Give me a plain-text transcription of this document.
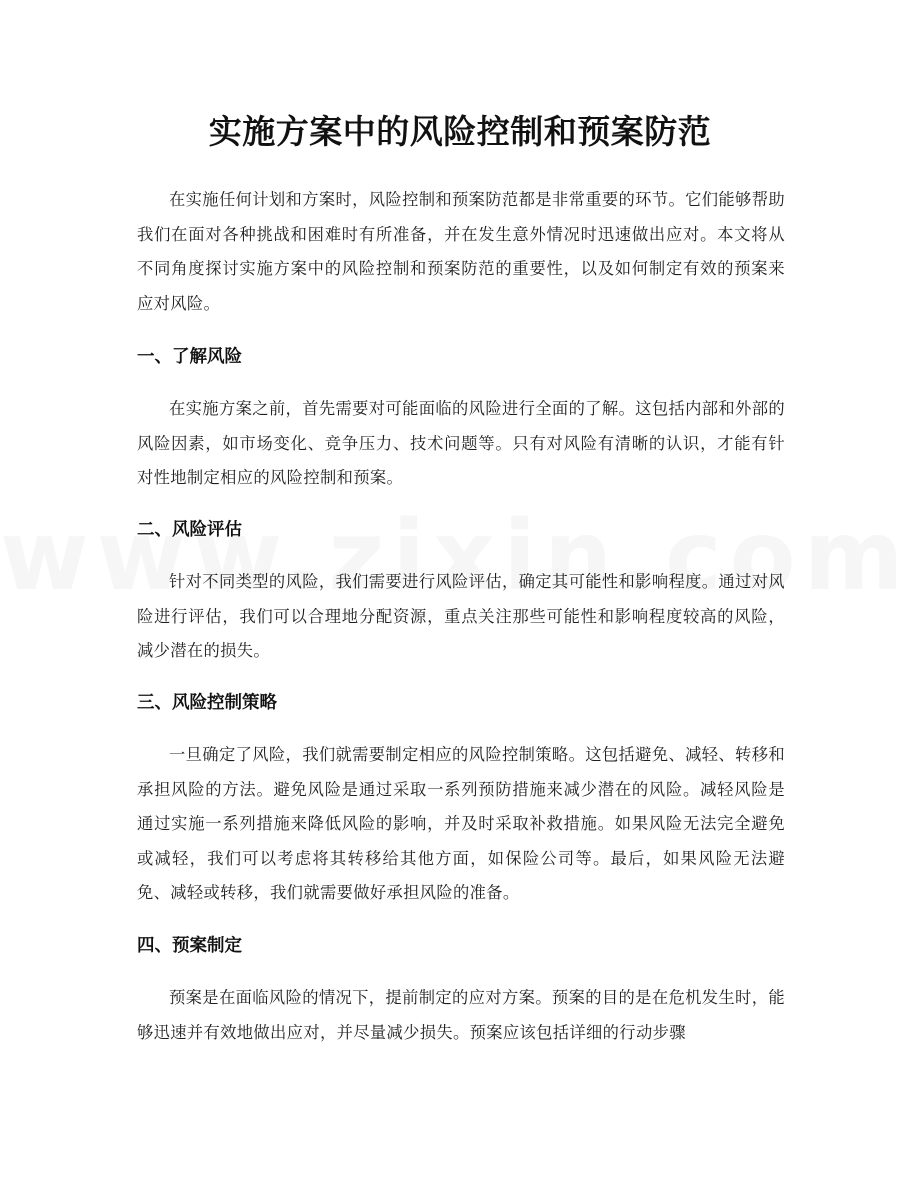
实施方案中的风险控制和预案防范

在实施任何计划和方案时，风险控制和预案防范都是非常重要的环节。它们能够帮助我们在面对各种挑战和困难时有所准备，并在发生意外情况时迅速做出应对。本文将从不同角度探讨实施方案中的风险控制和预案防范的重要性，以及如何制定有效的预案来应对风险。

一、了解风险

在实施方案之前，首先需要对可能面临的风险进行全面的了解。这包括内部和外部的风险因素，如市场变化、竞争压力、技术问题等。只有对风险有清晰的认识，才能有针对性地制定相应的风险控制和预案。

二、风险评估

针对不同类型的风险，我们需要进行风险评估，确定其可能性和影响程度。通过对风险进行评估，我们可以合理地分配资源，重点关注那些可能性和影响程度较高的风险，减少潜在的损失。

三、风险控制策略

一旦确定了风险，我们就需要制定相应的风险控制策略。这包括避免、减轻、转移和承担风险的方法。避免风险是通过采取一系列预防措施来减少潜在的风险。减轻风险是通过实施一系列措施来降低风险的影响，并及时采取补救措施。如果风险无法完全避免或减轻，我们可以考虑将其转移给其他方面，如保险公司等。最后，如果风险无法避免、减轻或转移，我们就需要做好承担风险的准备。

四、预案制定

预案是在面临风险的情况下，提前制定的应对方案。预案的目的是在危机发生时，能够迅速并有效地做出应对，并尽量减少损失。预案应该包括详细的行动步骤
